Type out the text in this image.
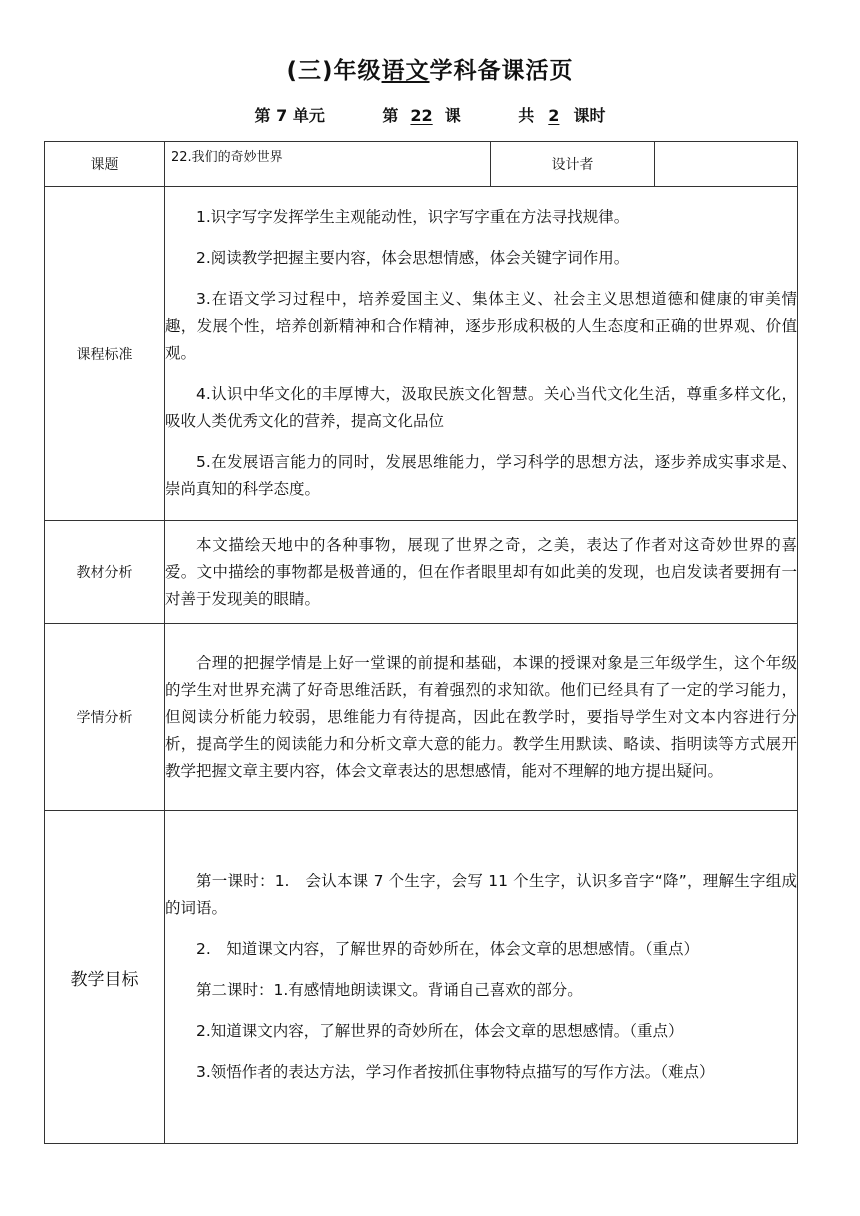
(三)年级语文学科备课活页
第 7 单元	第 22 课	共 2 课时
课题	22.我们的奇妙世界	设计者	
课程标准	1.识字写字发挥学生主观能动性，识字写字重在方法寻找规律。

2.阅读教学把握主要内容，体会思想情感，体会关键字词作用。

3.在语文学习过程中，培养爱国主义、集体主义、社会主义思想道德和健康的审美情趣，发展个性，培养创新精神和合作精神，逐步形成积极的人生态度和正确的世界观、价值观。

4.认识中华文化的丰厚博大，汲取民族文化智慧。关心当代文化生活，尊重多样文化，吸收人类优秀文化的营养，提高文化品位

5.在发展语言能力的同时，发展思维能力，学习科学的思想方法，逐步养成实事求是、崇尚真知的科学态度。		

教材分析	本文描绘天地中的各种事物，展现了世界之奇，之美，表达了作者对这奇妙世界的喜爱。文中描绘的事物都是极普通的，但在作者眼里却有如此美的发现，也启发读者要拥有一对善于发现美的眼睛。		

学情分析	合理的把握学情是上好一堂课的前提和基础，本课的授课对象是三年级学生，这个年级的学生对世界充满了好奇思维活跃，有着强烈的求知欲。他们已经具有了一定的学习能力，但阅读分析能力较弱，思维能力有待提高，因此在教学时，要指导学生对文本内容进行分析，提高学生的阅读能力和分析文章大意的能力。教学生用默读、略读、指明读等方式展开教学把握文章主要内容，体会文章表达的思想感情，能对不理解的地方提出疑问。		

教学目标	第一课时：1.　会认本课 7 个生字，会写 11 个生字，认识多音字“降”，理解生字组成的词语。

2.　知道课文内容，了解世界的奇妙所在，体会文章的思想感情。（重点）

第二课时：1.有感情地朗读课文。背诵自己喜欢的部分。

2.知道课文内容，了解世界的奇妙所在，体会文章的思想感情。（重点）

3.领悟作者的表达方法，学习作者按抓住事物特点描写的写作方法。（难点）		
